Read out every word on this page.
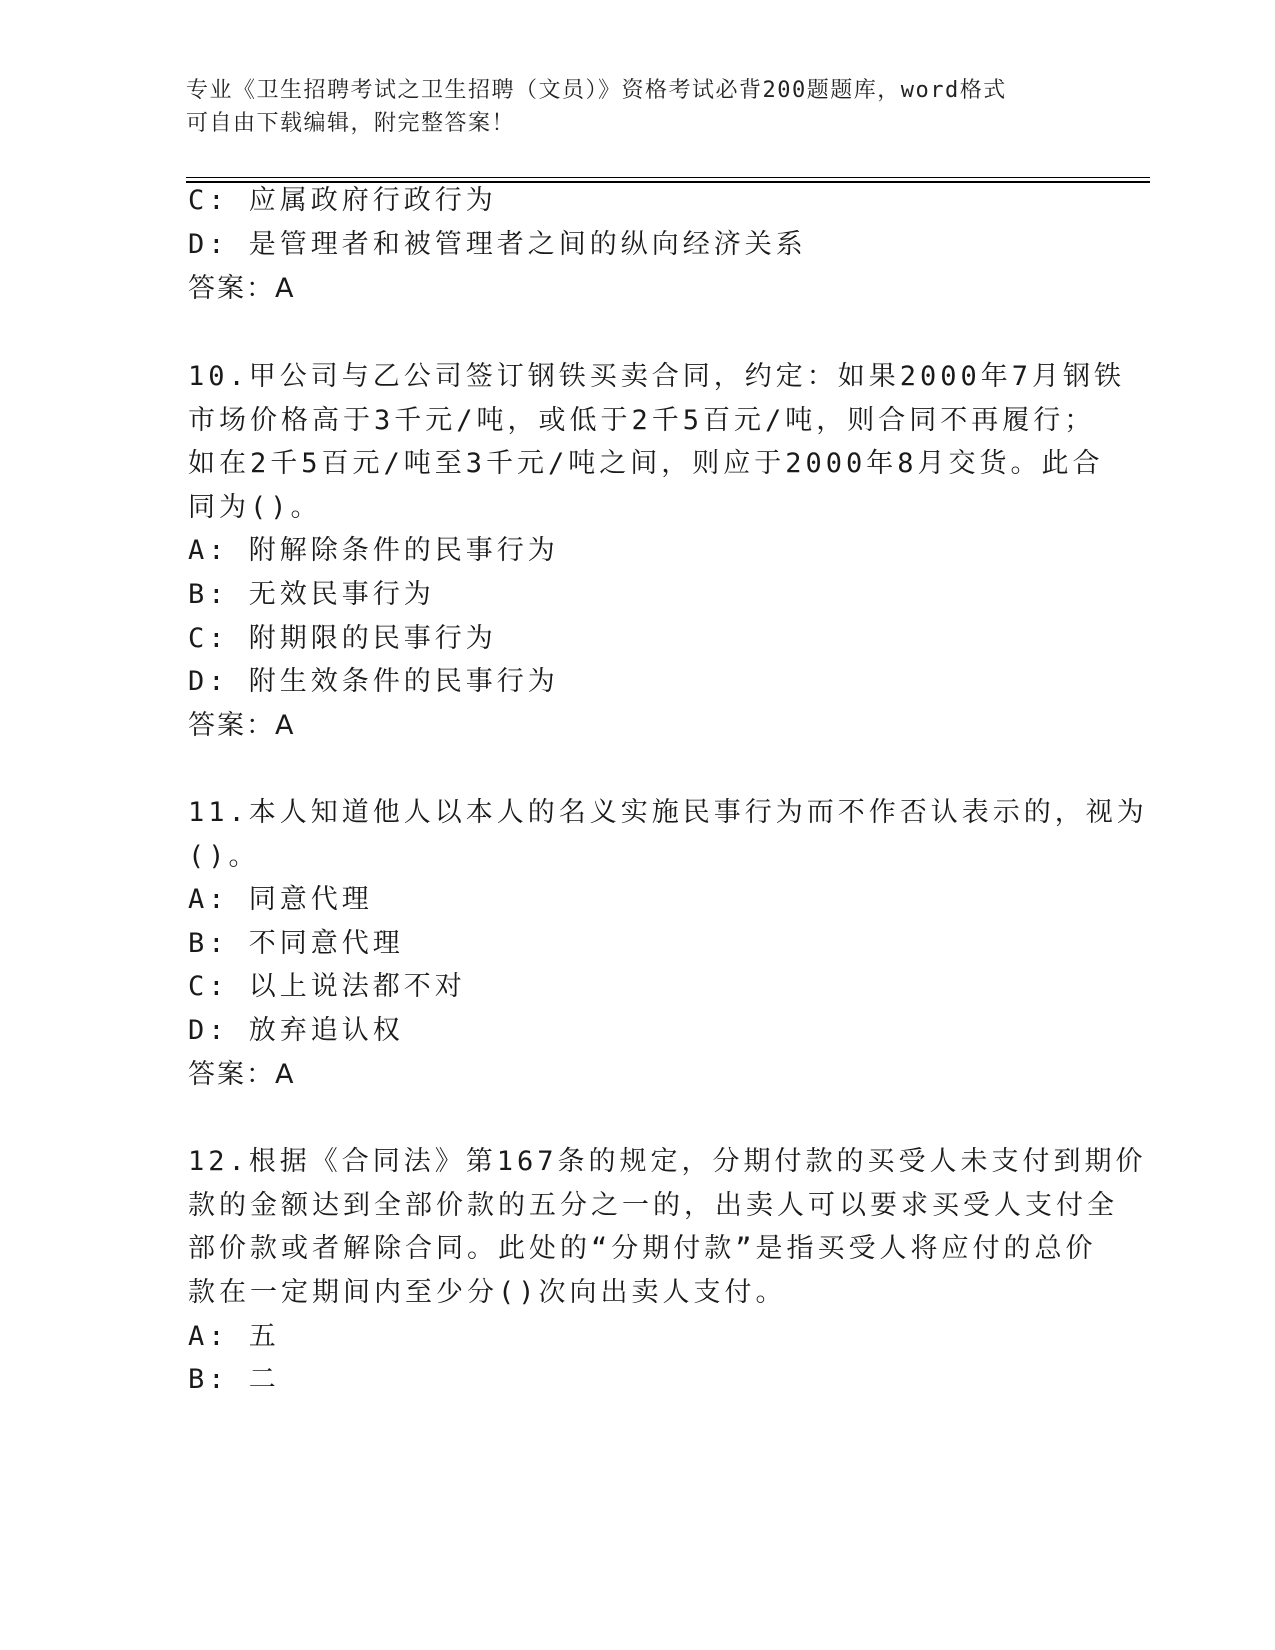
专业《卫生招聘考试之卫生招聘（文员）》资格考试必背200题题库，word格式
可自由下载编辑，附完整答案！
C: 应属政府行政行为
D: 是管理者和被管理者之间的纵向经济关系
答案：A
10.甲公司与乙公司签订钢铁买卖合同，约定：如果2000年7月钢铁
市场价格高于3千元/吨，或低于2千5百元/吨，则合同不再履行；
如在2千5百元/吨至3千元/吨之间，则应于2000年8月交货。此合
同为()。
A: 附解除条件的民事行为
B: 无效民事行为
C: 附期限的民事行为
D: 附生效条件的民事行为
答案：A
11.本人知道他人以本人的名义实施民事行为而不作否认表示的，视为
()。
A: 同意代理
B: 不同意代理
C: 以上说法都不对
D: 放弃追认权
答案：A
12.根据《合同法》第167条的规定，分期付款的买受人未支付到期价
款的金额达到全部价款的五分之一的，出卖人可以要求买受人支付全
部价款或者解除合同。此处的“分期付款”是指买受人将应付的总价
款在一定期间内至少分()次向出卖人支付。
A: 五
B: 二
